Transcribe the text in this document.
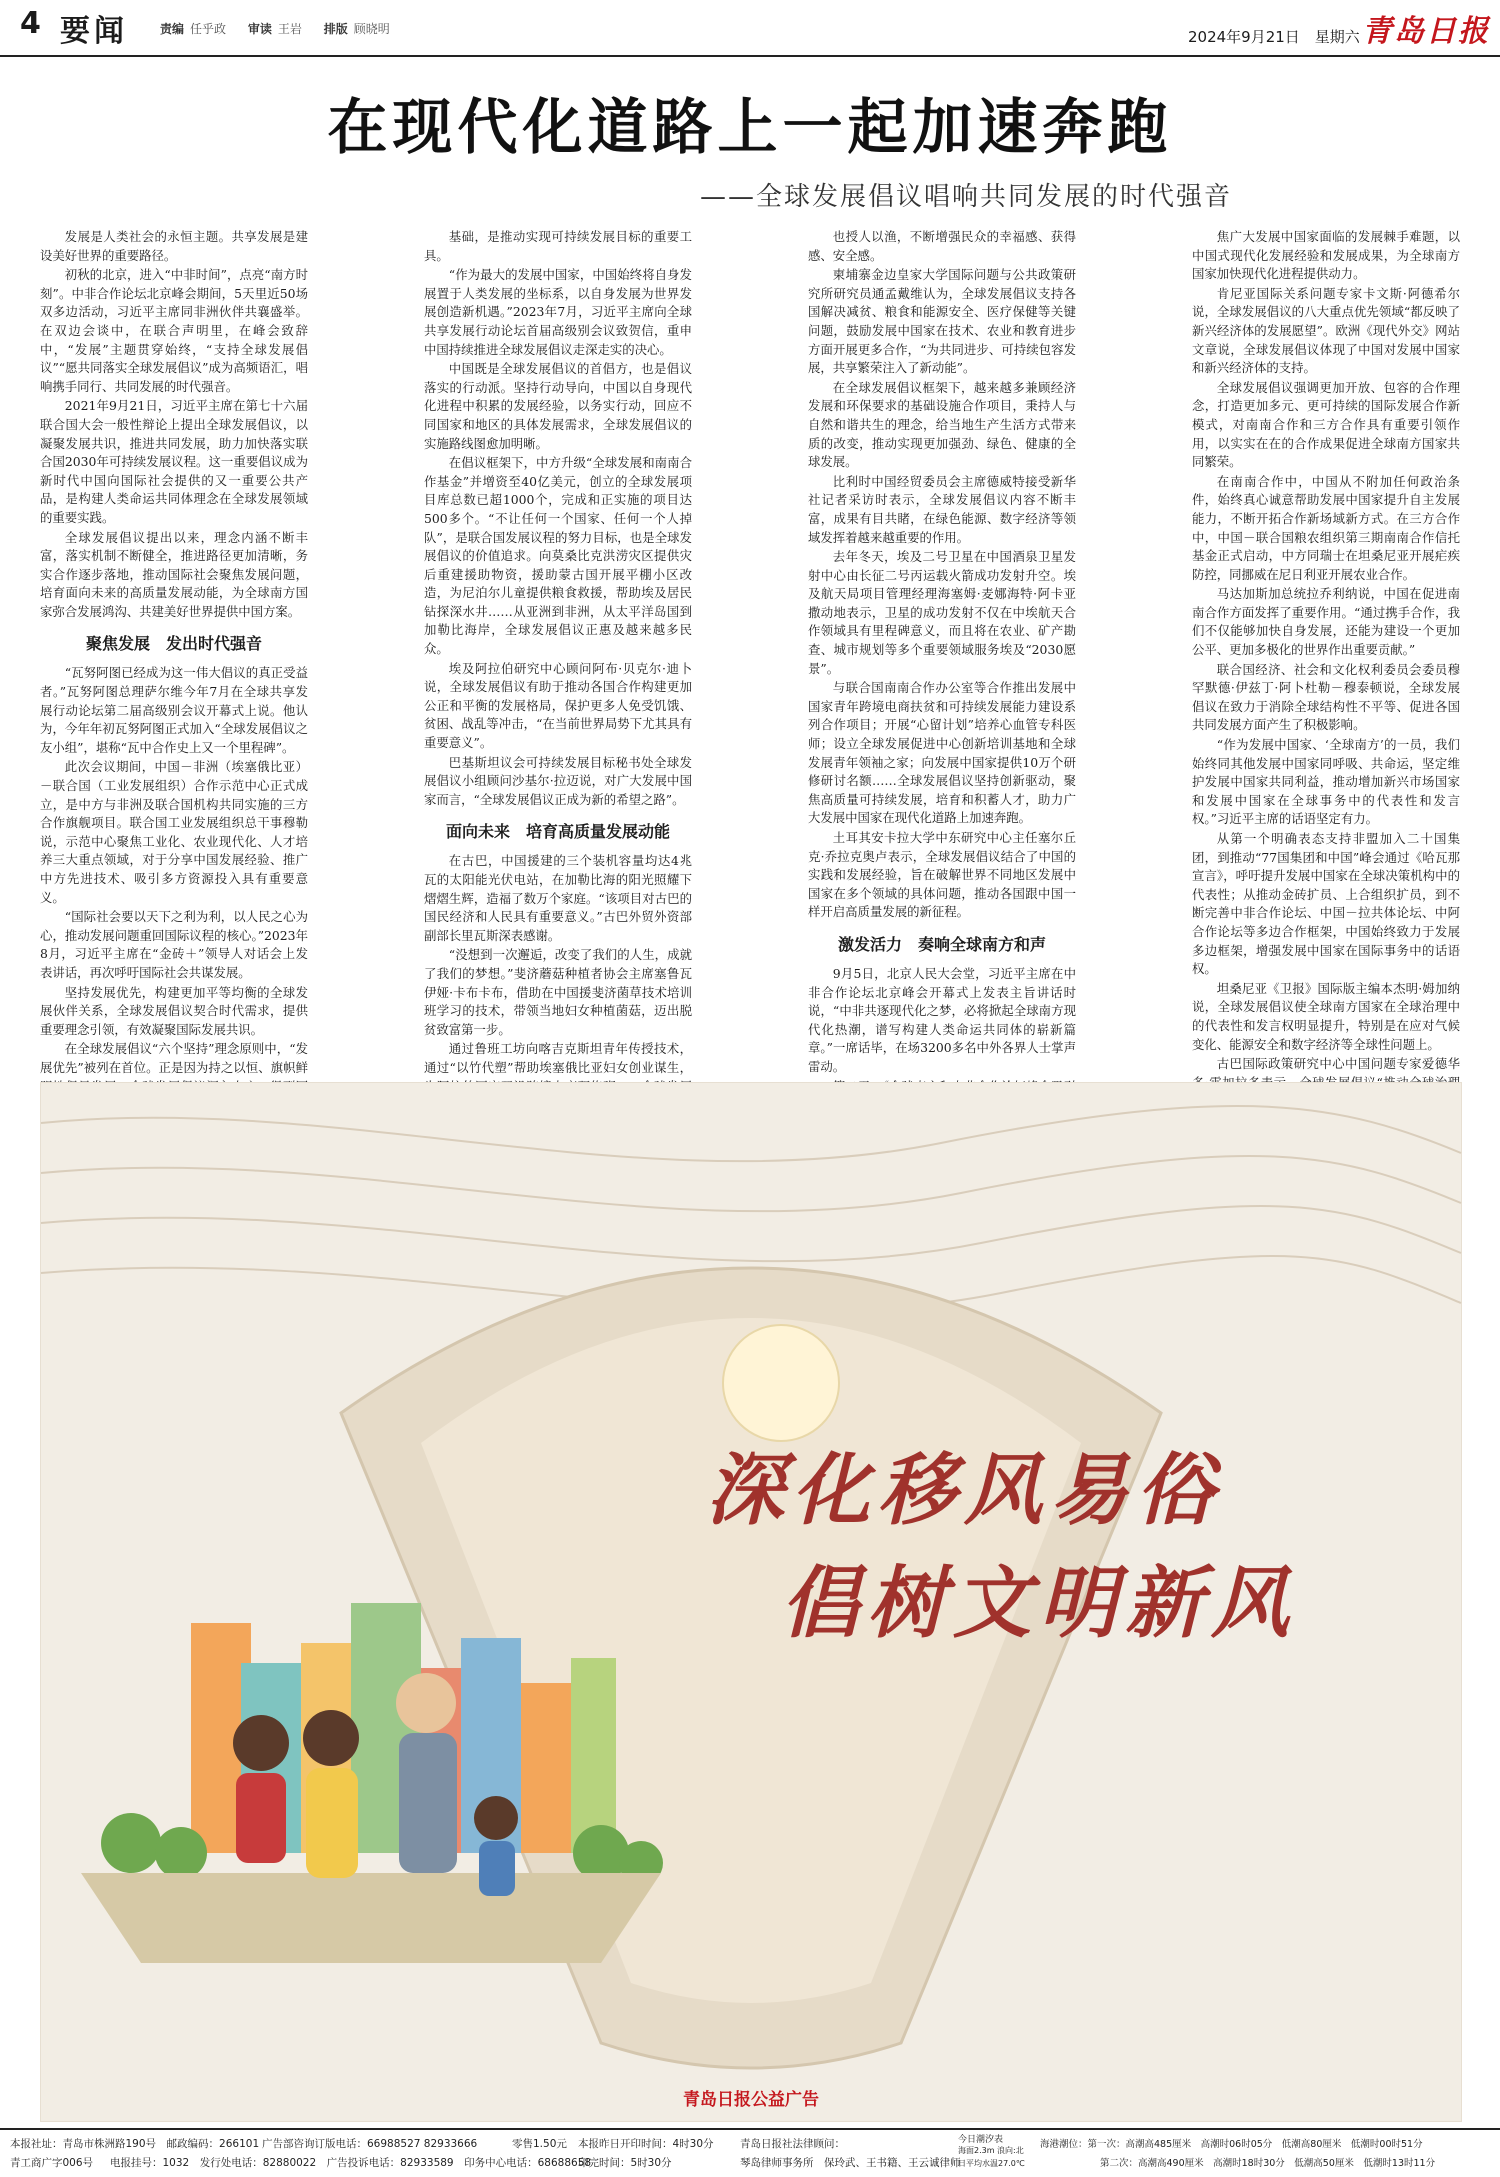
4 要闻	责编 任乎政 审读 王岩 排版 顾晓明	2024年9月21日　星期六 青岛日报
在现代化道路上一起加速奔跑
——全球发展倡议唱响共同发展的时代强音

发展是人类社会的永恒主题。共享发展是建设美好世界的重要路径。

初秋的北京，进入“中非时间”，点亮“南方时刻”。中非合作论坛北京峰会期间，5天里近50场双多边活动，习近平主席同非洲伙伴共襄盛举。在双边会谈中，在联合声明里，在峰会致辞中，“发展”主题贯穿始终，“支持全球发展倡议”“愿共同落实全球发展倡议”成为高频语汇，唱响携手同行、共同发展的时代强音。

2021年9月21日，习近平主席在第七十六届联合国大会一般性辩论上提出全球发展倡议，以凝聚发展共识，推进共同发展，助力加快落实联合国2030年可持续发展议程。这一重要倡议成为新时代中国向国际社会提供的又一重要公共产品，是构建人类命运共同体理念在全球发展领域的重要实践。

全球发展倡议提出以来，理念内涵不断丰富，落实机制不断健全，推进路径更加清晰，务实合作逐步落地，推动国际社会聚焦发展问题，培育面向未来的高质量发展动能，为全球南方国家弥合发展鸿沟、共建美好世界提供中国方案。

聚焦发展　发出时代强音

“瓦努阿图已经成为这一伟大倡议的真正受益者。”瓦努阿图总理萨尔维今年7月在全球共享发展行动论坛第二届高级别会议开幕式上说。他认为，今年年初瓦努阿图正式加入“全球发展倡议之友小组”，堪称“瓦中合作史上又一个里程碑”。

此次会议期间，中国－非洲（埃塞俄比亚）－联合国（工业发展组织）合作示范中心正式成立，是中方与非洲及联合国机构共同实施的三方合作旗舰项目。联合国工业发展组织总干事穆勒说，示范中心聚焦工业化、农业现代化、人才培养三大重点领域，对于分享中国发展经验、推广中方先进技术、吸引多方资源投入具有重要意义。

“国际社会要以天下之利为利，以人民之心为心，推动发展问题重回国际议程的核心。”2023年8月，习近平主席在“金砖＋”领导人对话会上发表讲话，再次呼吁国际社会共谋发展。

坚持发展优先，构建更加平等均衡的全球发展伙伴关系，全球发展倡议契合时代需求，提供重要理念引领，有效凝聚国际发展共识。

在全球发展倡议“六个坚持”理念原则中，“发展优先”被列在首位。正是因为持之以恒、旗帜鲜

基础，是推动实现可持续发展目标的重要工具。

“作为最大的发展中国家，中国始终将自身发展置于人类发展的坐标系，以自身发展为世界发展创造新机遇。”2023年7月，习近平主席向全球共享发展行动论坛首届高级别会议致贺信，重申中国持续推进全球发展倡议走深走实的决心。

中国既是全球发展倡议的首倡方，也是倡议落实的行动派。坚持行动导向，中国以自身现代化进程中积累的发展经验，以务实行动，回应不同国家和地区的具体发展需求，全球发展倡议的实施路线图愈加明晰。

在倡议框架下，中方升级“全球发展和南南合作基金”并增资至40亿美元，创立的全球发展项目库总数已超1000个，完成和正实施的项目达500多个。“不让任何一个国家、任何一个人掉队”，是联合国发展议程的努力目标，也是全球发展倡议的价值追求。向莫桑比克洪涝灾区提供灾后重建援助物资，援助蒙古国开展平棚小区改造，为尼泊尔儿童提供粮食救援，帮助埃及居民钻探深水井……从亚洲到非洲，从太平洋岛国到加勒比海岸，全球发展倡议正惠及越来越多民众。

埃及阿拉伯研究中心顾问阿布·贝克尔·迪卜说，全球发展倡议有助于推动各国合作构建更加公正和平衡的发展格局，保护更多人免受饥饿、贫困、战乱等冲击，“在当前世界局势下尤其具有重要意义”。

巴基斯坦议会可持续发展目标秘书处全球发展倡议小组顾问沙基尔·拉迈说，对广大发展中国家而言，“全球发展倡议正成为新的希望之路”。

面向未来　培育高质量发展动能

在古巴，中国援建的三个装机容量均达4兆瓦的太阳能光伏电站，在加勒比海的阳光照耀下熠熠生辉，造福了数万个家庭。“该项目对古巴的国民经济和人民具有重要意义。”古巴外贸外资部副部长里瓦斯深表感谢。

“没想到一次邂逅，改变了我们的人生，成就了我们的梦想。”斐济蘑菇种植者协会主席塞鲁瓦伊娅·卡布卡布，借助在中国援斐济菌草技术培训班学习的技术，带领当地妇女种植菌菇，迈出脱贫致富第一步。

通过鲁班工坊向喀吉克斯坦青年传授技术，通过“以竹代塑”帮助埃塞俄比亚妇女创业谋生，

也授人以渔，不断增强民众的幸福感、获得感、安全感。

柬埔寨金边皇家大学国际问题与公共政策研究所研究员通孟戴维认为，全球发展倡议支持各国解决减贫、粮食和能源安全、医疗保健等关键问题，鼓励发展中国家在技术、农业和教育进步方面开展更多合作，“为共同进步、可持续包容发展，共享繁荣注入了新动能”。

在全球发展倡议框架下，越来越多兼顾经济发展和环保要求的基础设施合作项目，秉持人与自然和谐共生的理念，给当地生产生活方式带来质的改变，推动实现更加强劲、绿色、健康的全球发展。

比利时中国经贸委员会主席德威特接受新华社记者采访时表示，全球发展倡议内容不断丰富，成果有目共睹，在绿色能源、数字经济等领域发挥着越来越重要的作用。

去年冬天，埃及二号卫星在中国酒泉卫星发射中心由长征二号丙运载火箭成功发射升空。埃及航天局项目管理经理海塞姆·麦娜海特·阿卡亚撒动地表示，卫星的成功发射不仅在中埃航天合作领域具有里程碑意义，而且将在农业、矿产勘查、城市规划等多个重要领域服务埃及“2030愿景”。

与联合国南南合作办公室等合作推出发展中国家青年跨境电商扶贫和可持续发展能力建设系列合作项目；开展“心留计划”培养心血管专科医师；设立全球发展促进中心创新培训基地和全球发展青年领袖之家；向发展中国家提供10万个研修研讨名额……全球发展倡议坚持创新驱动，聚焦高质量可持续发展，培育和积蓄人才，助力广大发展中国家在现代化道路上加速奔跑。

土耳其安卡拉大学中东研究中心主任塞尔丘克·乔拉克奥卢表示，全球发展倡议结合了中国的实践和发展经验，旨在破解世界不同地区发展中国家在多个领域的具体问题，推动各国跟中国一样开启高质量发展的新征程。

激发活力　奏响全球南方和声

9月5日，北京人民大会堂，习近平主席在中非合作论坛北京峰会开幕式上发表主旨讲话时说，“中非共逐现代化之梦，必将掀起全球南方现代化热潮，谱写构建人类命运共同体的崭新篇章。”一席话毕，在场3200多名中外各界人士掌声雷动。

焦广大发展中国家面临的发展棘手难题，以中国式现代化发展经验和发展成果，为全球南方国家加快现代化进程提供动力。

肯尼亚国际关系问题专家卡文斯·阿德希尔说，全球发展倡议的八大重点优先领域“都反映了新兴经济体的发展愿望”。欧洲《现代外交》网站文章说，全球发展倡议体现了中国对发展中国家和新兴经济体的支持。

全球发展倡议强调更加开放、包容的合作理念，打造更加多元、更可持续的国际发展合作新模式，对南南合作和三方合作具有重要引领作用，以实实在在的合作成果促进全球南方国家共同繁荣。

在南南合作中，中国从不附加任何政治条件，始终真心诚意帮助发展中国家提升自主发展能力，不断开拓合作新场域新方式。在三方合作中，中国－联合国粮农组织第三期南南合作信托基金正式启动，中方同瑞士在坦桑尼亚开展疟疾防控，同挪威在尼日利亚开展农业合作。

马达加斯加总统拉乔利纳说，中国在促进南南合作方面发挥了重要作用。“通过携手合作，我们不仅能够加快自身发展，还能为建设一个更加公平、更加多极化的世界作出重要贡献。”

联合国经济、社会和文化权利委员会委员穆罕默德·伊兹丁·阿卜杜勒－穆泰顿说，全球发展倡议在致力于消除全球结构性不平等、促进各国共同发展方面产生了积极影响。

“作为发展中国家、‘全球南方’的一员，我们始终同其他发展中国家同呼吸、共命运，坚定维护发展中国家共同利益，推动增加新兴市场国家和发展中国家在全球事务中的代表性和发言权。”习近平主席的话语坚定有力。

从第一个明确表态支持非盟加入二十国集团，到推动“77国集团和中国”峰会通过《哈瓦那宣言》，呼吁提升发展中国家在全球决策机构中的代表性；从推动金砖扩员、上合组织扩员，到不断完善中非合作论坛、中国－拉共体论坛、中阿合作论坛等多边合作框架，中国始终致力于发展多边框架，增强发展中国家在国际事务中的话语权。

坦桑尼亚《卫报》国际版主编本杰明·姆加纳说，全球发展倡议使全球南方国家在全球治理中的代表性和发言权明显提升，特别是在应对气候变化、能源安全和数字经济等全球性问题上。

古巴国际政策研究中心中国问题专家爱德华

深化移风易俗
倡树文明新风
青岛日报公益广告
本报社址：青岛市株洲路190号　邮政编码：266101 广告部咨询订版电话：66988527 82933666	零售1.50元 本报昨日开印时间：4时30分	青岛日报社法律顾问：
青工商广字006号 电报挂号：1032　发行处电话：82880022　广告投诉电话：82933589　印务中心电话：68688658
印完时间：5时30分	琴岛律师事务所　保玲武、王书籍、王云诚律师
今日潮汐表
海面2.3m 浪向:北
日平均水温27.0℃
海港潮位：第一次：高潮高485厘米　高潮时06时05分　低潮高80厘米　低潮时00时51分
第二次：高潮高490厘米　高潮时18时30分　低潮高50厘米　低潮时13时11分
